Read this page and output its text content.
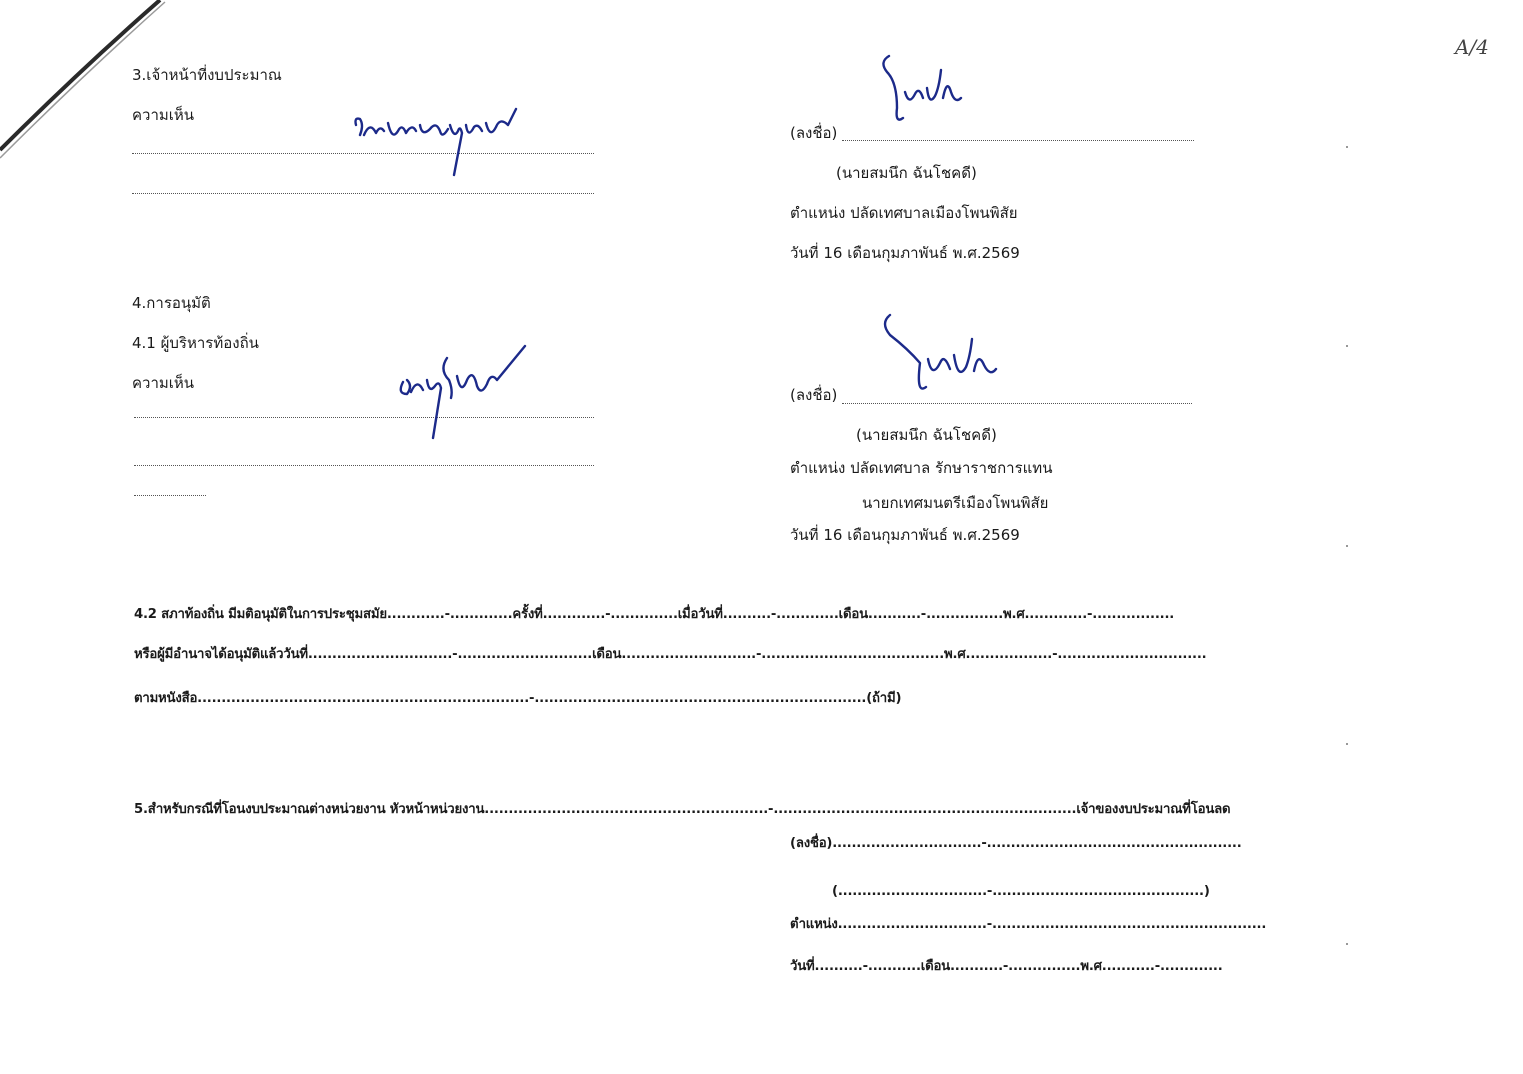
A/4
3.เจ้าหน้าที่งบประมาณ
ความเห็น
(ลงชื่อ)
(นายสมนึก ฉันโชคดี)
ตำแหน่ง ปลัดเทศบาลเมืองโพนพิสัย
วันที่ 16 เดือนกุมภาพันธ์ พ.ศ.2569
4.การอนุมัติ
4.1 ผู้บริหารท้องถิ่น
ความเห็น
(ลงชื่อ)
(นายสมนึก ฉันโชคดี)
ตำแหน่ง ปลัดเทศบาล รักษาราชการแทน
นายกเทศมนตรีเมืองโพนพิสัย
วันที่ 16 เดือนกุมภาพันธ์ พ.ศ.2569
4.2 สภาท้องถิ่น มีมติอนุมัติในการประชุมสมัย............-.............ครั้งที่.............-..............เมื่อวันที่..........-.............เดือน...........-................พ.ศ.............-.................
หรือผู้มีอำนาจได้อนุมัติแล้ววันที่..............................-............................เดือน............................-......................................พ.ศ..................-...............................
ตามหนังสือ.....................................................................-.....................................................................(ถ้ามี)
5.สำหรับกรณีที่โอนงบประมาณต่างหน่วยงาน หัวหน้าหน่วยงาน...........................................................-...............................................................เจ้าของงบประมาณที่โอนลด
(ลงชื่อ)...............................-.....................................................
(...............................-............................................)
ตำแหน่ง...............................-.........................................................
วันที่..........-...........เดือน...........-...............พ.ศ...........-.............
